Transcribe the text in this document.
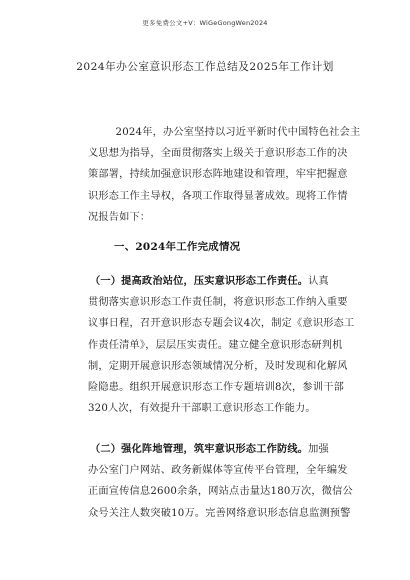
更多免费公文+V：WiGeGongWen2024
2024年办公室意识形态工作总结及2025年工作计划
2024年，办公室坚持以习近平新时代中国特色社会主
义思想为指导，全面贯彻落实上级关于意识形态工作的决
策部署，持续加强意识形态阵地建设和管理，牢牢把握意
识形态工作主导权，各项工作取得显著成效。现将工作情
况报告如下：
一、2024年工作完成情况
（一）提高政治站位，压实意识形态工作责任。认真
贯彻落实意识形态工作责任制，将意识形态工作纳入重要
议事日程，召开意识形态专题会议4次，制定《意识形态工
作责任清单》，层层压实责任。建立健全意识形态研判机
制，定期开展意识形态领域情况分析，及时发现和化解风
险隐患。组织开展意识形态工作专题培训8次，参训干部
320人次，有效提升干部职工意识形态工作能力。
（二）强化阵地管理，筑牢意识形态工作防线。加强
办公室门户网站、政务新媒体等宣传平台管理，全年编发
正面宣传信息2600余条，网站点击量达180万次，微信公
众号关注人数突破10万。完善网络意识形态信息监测预警
